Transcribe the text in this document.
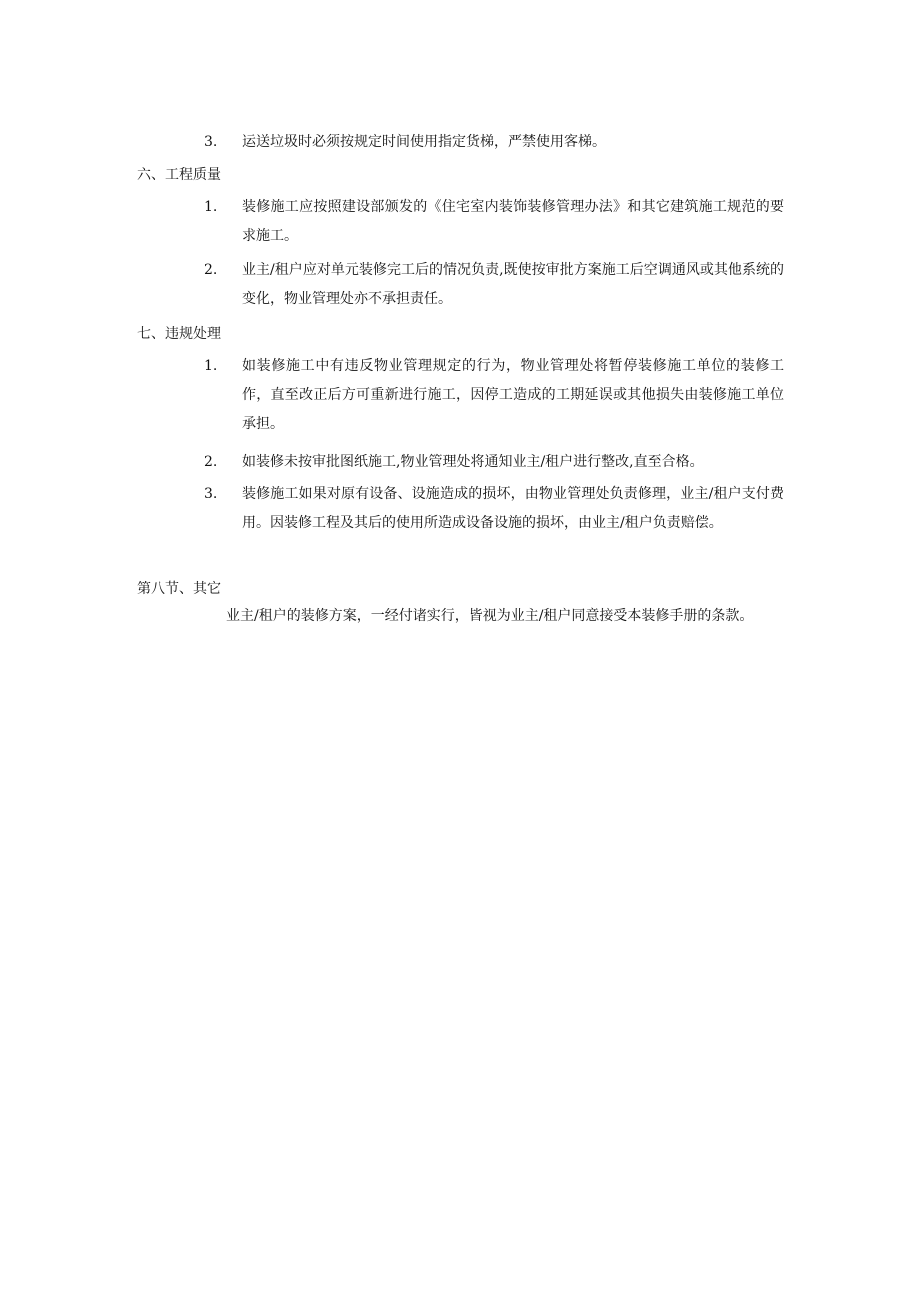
3.	运送垃圾时必须按规定时间使用指定货梯，严禁使用客梯。
六、工程质量
1.	装修施工应按照建设部颁发的《住宅室内装饰装修管理办法》和其它建筑施工规范的要求施工。
2.	业主/租户应对单元装修完工后的情况负责,既使按审批方案施工后空调通风或其他系统的变化，物业管理处亦不承担责任。
七、违规处理
1.	如装修施工中有违反物业管理规定的行为，物业管理处将暂停装修施工单位的装修工作，直至改正后方可重新进行施工，因停工造成的工期延误或其他损失由装修施工单位承担。
2.	如装修未按审批图纸施工,物业管理处将通知业主/租户进行整改,直至合格。
3.	装修施工如果对原有设备、设施造成的损坏，由物业管理处负责修理，业主/租户支付费用。因装修工程及其后的使用所造成设备设施的损坏，由业主/租户负责赔偿。
第八节、其它
业主/租户的装修方案，一经付诸实行，皆视为业主/租户同意接受本装修手册的条款。
